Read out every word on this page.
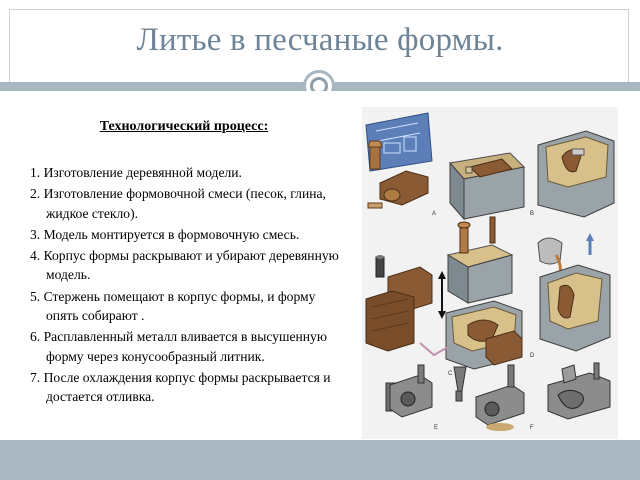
Литье в песчаные формы.
Технологический процесс:
1. Изготовление деревянной модели.
2. Изготовление формовочной смеси (песок, глина, жидкое стекло).
3. Модель монтируется в формовочную смесь.
4. Корпус формы раскрывают и убирают деревянную модель.
5. Стержень помещают в корпус формы, и форму опять собирают .
6. Расплавленный металл вливается в высушенную форму через конусообразный литник.
7. После охлаждения корпус формы раскрывается и достается отливка.
A	B
C
D
E	F
